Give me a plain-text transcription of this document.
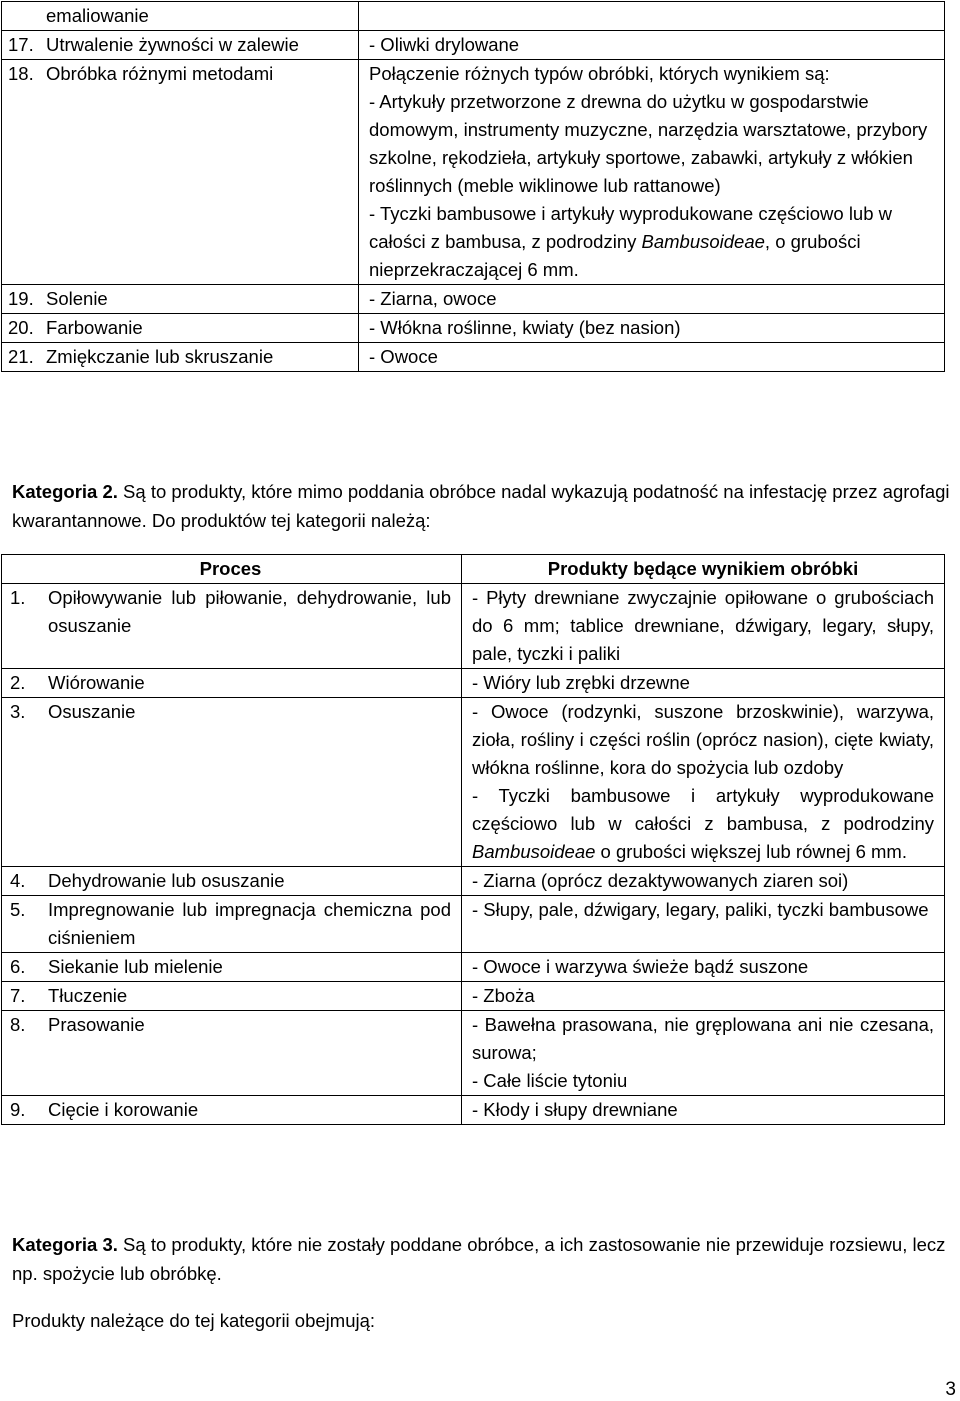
emaliowanie	

17. Utrwalenie żywności w zalewie	- Oliwki drylowane
18. Obróbka różnymi metodami	Połączenie różnych typów obróbki, których wynikiem są:
- Artykuły przetworzone z drewna do użytku w gospodarstwie domowym, instrumenty muzyczne, narzędzia warsztatowe, przybory szkolne, rękodzieła, artykuły sportowe, zabawki, artykuły z włókien roślinnych (meble wiklinowe lub rattanowe)
- Tyczki bambusowe i artykuły wyprodukowane częściowo lub w całości z bambusa, z podrodziny Bambusoideae, o grubości nieprzekraczającej 6 mm.

19. Solenie	- Ziarna, owoce
20. Farbowanie	- Włókna roślinne, kwiaty (bez nasion)
21. Zmiękczanie lub skruszanie	- Owoce
Kategoria 2. Są to produkty, które mimo poddania obróbce nadal wykazują podatność na infestację przez agrofagi kwarantannowe. Do produktów tej kategorii należą:
Proces	Produkty będące wynikiem obróbki

1. Opiłowywanie lub piłowanie, dehydrowanie, lub osuszanie	- Płyty drewniane zwyczajnie opiłowane o grubościach do 6 mm; tablice drewniane, dźwigary, legary, słupy, pale, tyczki i paliki
2. Wiórowanie	- Wióry lub zrębki drzewne
3. Osuszanie	- Owoce (rodzynki, suszone brzoskwinie), warzywa, zioła, rośliny i części roślin (oprócz nasion), cięte kwiaty, włókna roślinne, kora do spożycia lub ozdoby
- Tyczki bambusowe i artykuły wyprodukowane częściowo lub w całości z bambusa, z podrodziny Bambusoideae o grubości większej lub równej 6 mm.

4. Dehydrowanie lub osuszanie	- Ziarna (oprócz dezaktywowanych ziaren soi)

5. Impregnowanie lub impregnacja chemiczna pod ciśnieniem	- Słupy, pale, dźwigary, legary, paliki, tyczki bambusowe
6. Siekanie lub mielenie	- Owoce i warzywa świeże bądź suszone
7. Tłuczenie	- Zboża
8. Prasowanie	- Bawełna prasowana, nie gręplowana ani nie czesana, surowa;
- Całe liście tytoniu

9. Cięcie i korowanie	- Kłody i słupy drewniane
Kategoria 3. Są to produkty, które nie zostały poddane obróbce, a ich zastosowanie nie przewiduje rozsiewu, lecz np. spożycie lub obróbkę.
Produkty należące do tej kategorii obejmują:
3
